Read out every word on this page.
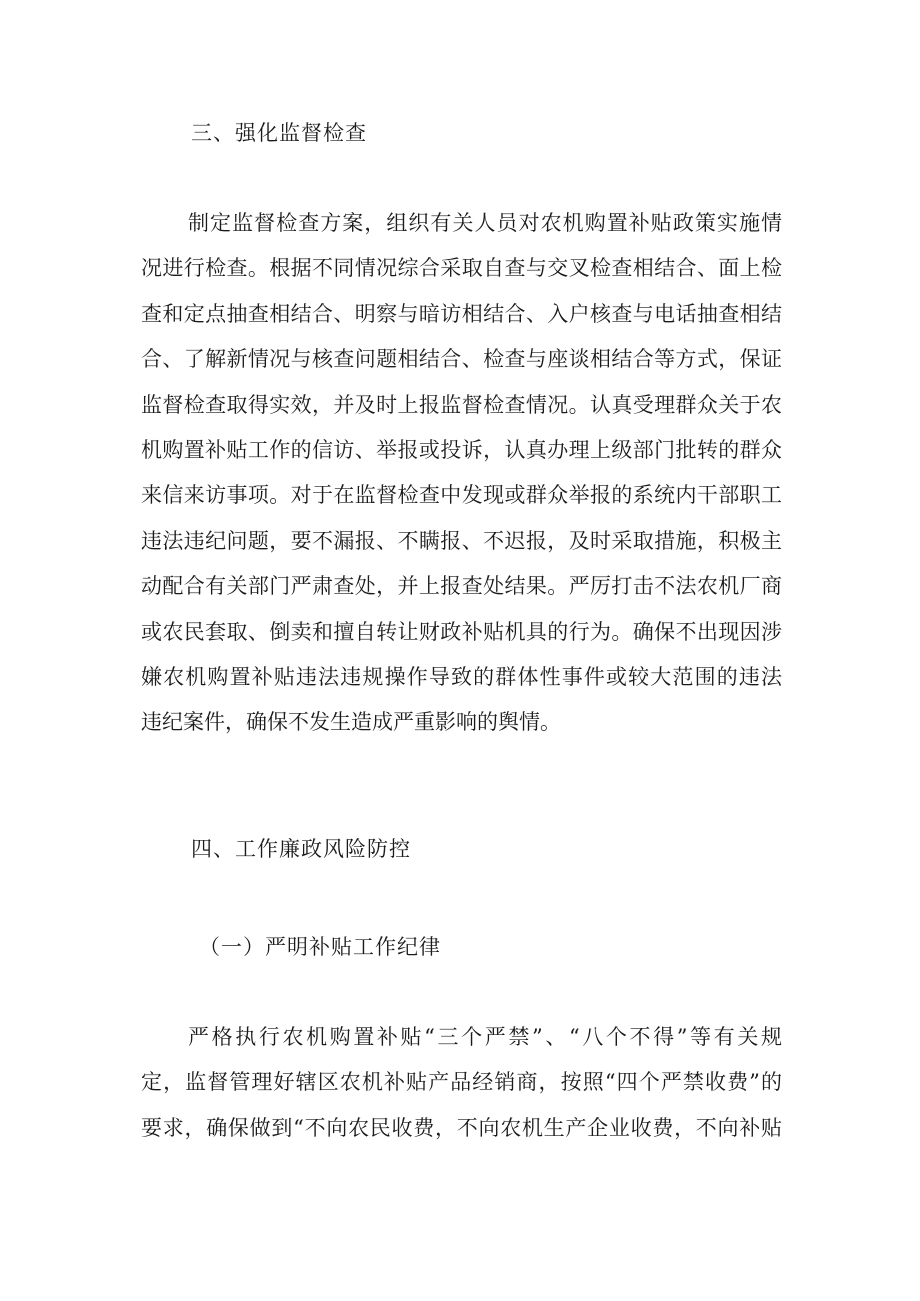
三、强化监督检查
制定监督检查方案，组织有关人员对农机购置补贴政策实施情
况进行检查。根据不同情况综合采取自查与交叉检查相结合、面上检
查和定点抽查相结合、明察与暗访相结合、入户核查与电话抽查相结
合、了解新情况与核查问题相结合、检查与座谈相结合等方式，保证
监督检查取得实效，并及时上报监督检查情况。认真受理群众关于农
机购置补贴工作的信访、举报或投诉，认真办理上级部门批转的群众
来信来访事项。对于在监督检查中发现或群众举报的系统内干部职工
违法违纪问题，要不漏报、不瞒报、不迟报，及时采取措施，积极主
动配合有关部门严肃查处，并上报查处结果。严厉打击不法农机厂商
或农民套取、倒卖和擅自转让财政补贴机具的行为。确保不出现因涉
嫌农机购置补贴违法违规操作导致的群体性事件或较大范围的违法
违纪案件，确保不发生造成严重影响的舆情。
四、工作廉政风险防控
（一）严明补贴工作纪律
严格执行农机购置补贴“三个严禁”、“八个不得”等有关规
定，监督管理好辖区农机补贴产品经销商，按照“四个严禁收费”的
要求，确保做到“不向农民收费，不向农机生产企业收费，不向补贴
